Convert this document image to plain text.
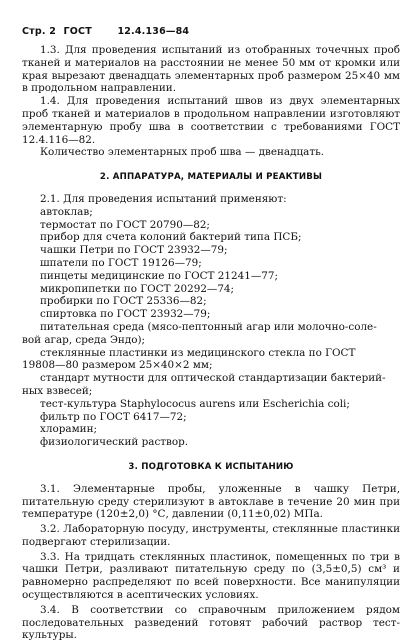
Стр. 2 ГОСТ	12.4.136—84

1.3. Для проведения испытаний из отобранных точечных проб тканей и материалов на расстоянии не менее 50 мм от кромки или края вырезают двенадцать элементарных проб размером 25×40 мм в продольном направлении.

1.4. Для проведения испытаний швов из двух элементарных проб тканей и материалов в продольном направлении изготовляют элементарную пробу шва в соответствии с требованиями ГОСТ 12.4.116—82.

Количество элементарных проб шва — двенадцать.

2. АППАРАТУРА, МАТЕРИАЛЫ И РЕАКТИВЫ

2.1. Для проведения испытаний применяют:

автоклав;

термостат по ГОСТ 20790—82;

прибор для счета колоний бактерий типа ПСБ;

чашки Петри по ГОСТ 23932—79;

шпатели по ГОСТ 19126—79;

пинцеты медицинские по ГОСТ 21241—77;

микропипетки по ГОСТ 20292—74;

пробирки по ГОСТ 25336—82;

спиртовка по ГОСТ 23932—79;

питательная среда (мясо-пептонный агар или молочно-соле-

вой агар, среда Эндо);

стеклянные пластинки из медицинского стекла по ГОСТ

19808—80 размером 25×40×2 мм;

стандарт мутности для оптической стандартизации бактерий-

ных взвесей;

тест-культура Staphylococus aurens или Escherichia coli;

фильтр по ГОСТ 6417—72;

хлорамин;

физиологический раствор.

3. ПОДГОТОВКА К ИСПЫТАНИЮ

3.1. Элементарные пробы, уложенные в чашку Петри, питательную среду стерилизуют в автоклаве в течение 20 мин при температуре (120±2,0) °С, давлении (0,11±0,02) МПа.

3.2. Лабораторную посуду, инструменты, стеклянные пластинки подвергают стерилизации.

3.3. На тридцать стеклянных пластинок, помещенных по три в чашки Петри, разливают питательную среду по (3,5±0,5) см³ и равномерно распределяют по всей поверхности. Все манипуляции осуществляются в асептических условиях.

3.4. В соответствии со справочным приложением рядом последовательных разведений готовят рабочий раствор тест-культуры.
